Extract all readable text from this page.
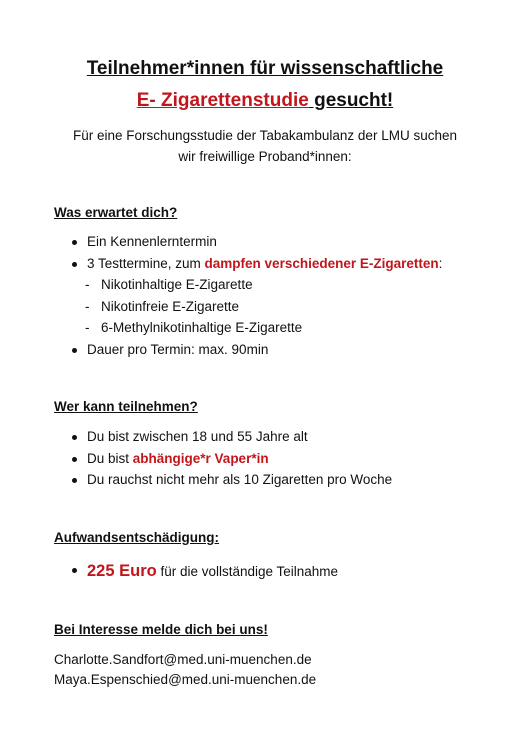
Teilnehmer*innen für wissenschaftliche
E- Zigarettenstudie gesucht!
Für eine Forschungsstudie der Tabakambulanz der LMU suchen
wir freiwillige Proband*innen:
Was erwartet dich?
Ein Kennenlerntermin
3 Testtermine, zum dampfen verschiedener E-Zigaretten:
- Nikotinhaltige E-Zigarette
- Nikotinfreie E-Zigarette
- 6-Methylnikotinhaltige E-Zigarette
Dauer pro Termin: max. 90min
Wer kann teilnehmen?
Du bist zwischen 18 und 55 Jahre alt
Du bist abhängige*r Vaper*in
Du rauchst nicht mehr als 10 Zigaretten pro Woche
Aufwandsentschädigung:
225 Euro für die vollständige Teilnahme
Bei Interesse melde dich bei uns!
Charlotte.Sandfort@med.uni-muenchen.de
Maya.Espenschied@med.uni-muenchen.de
